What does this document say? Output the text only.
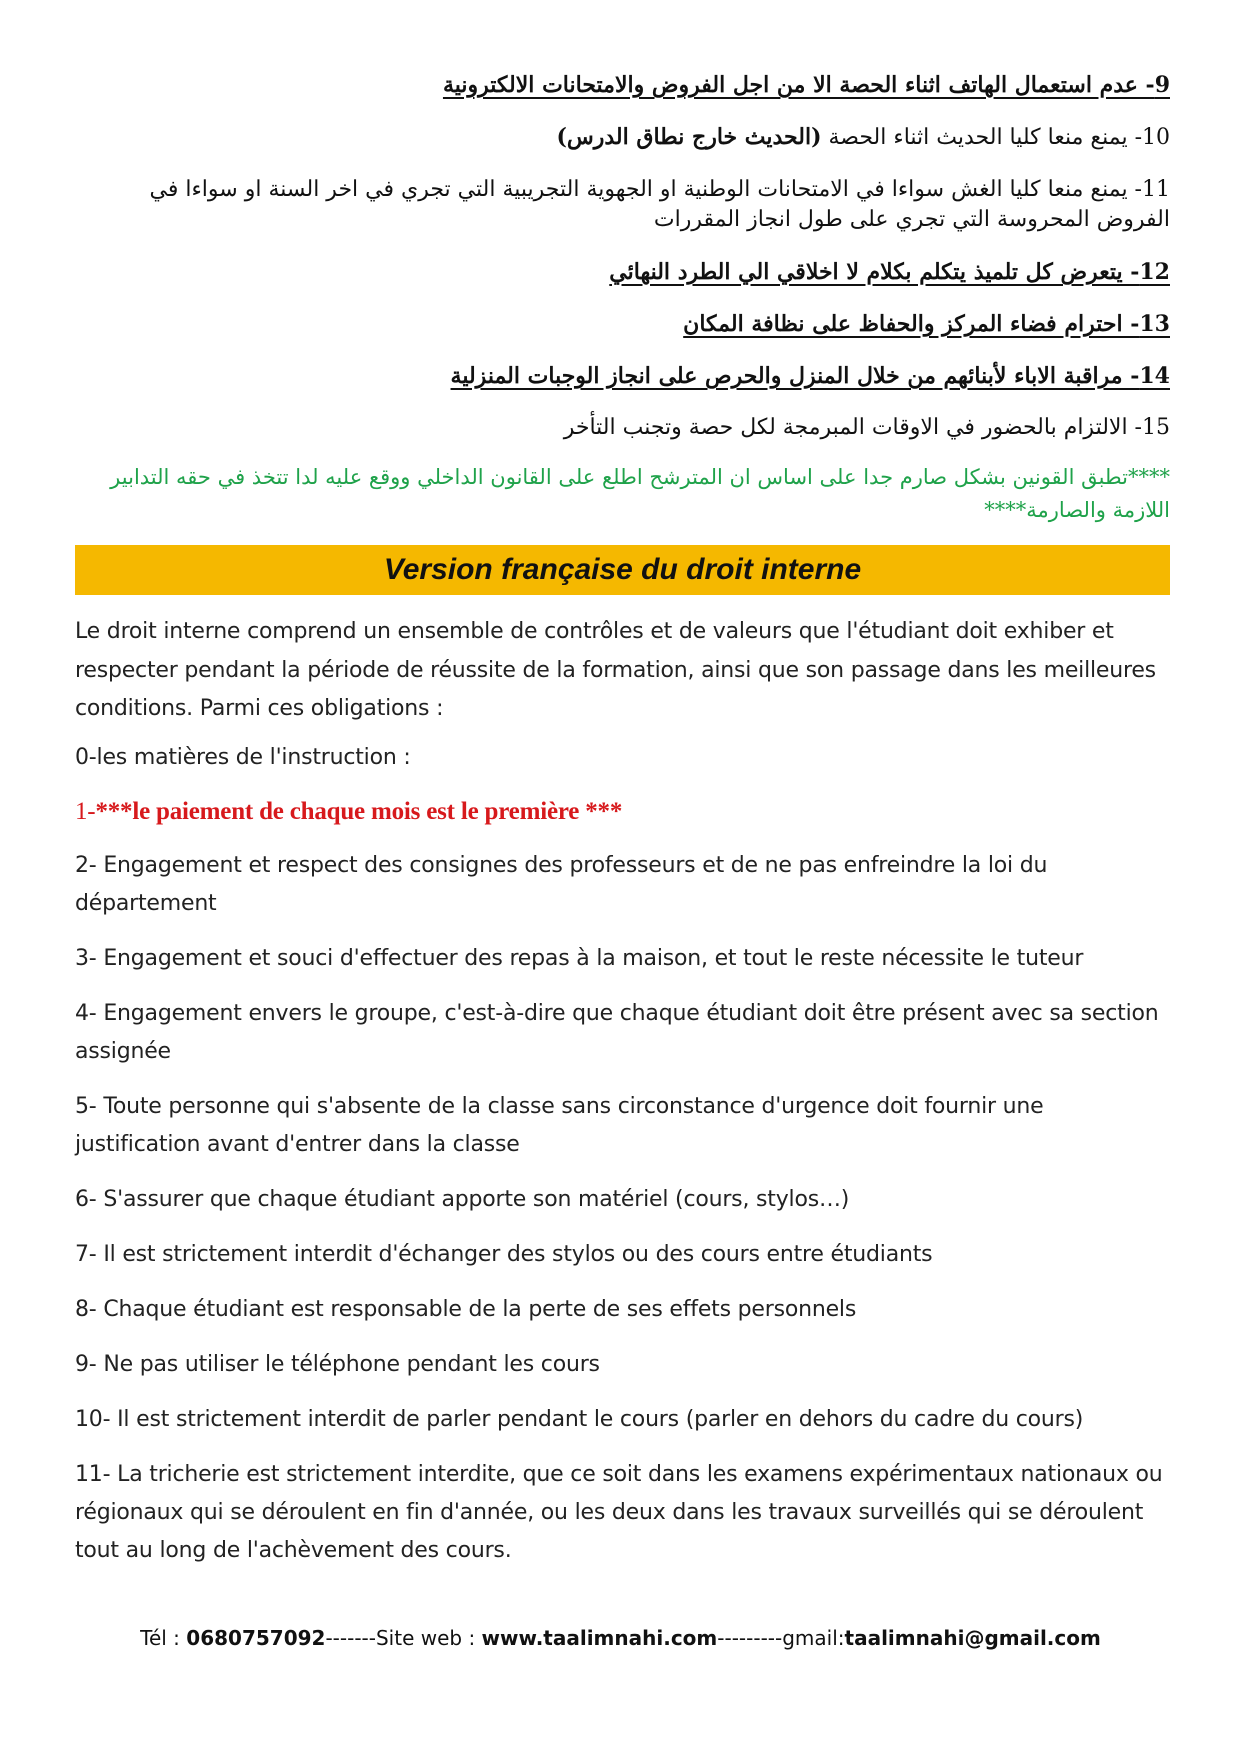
9- عدم استعمال الهاتف اثناء الحصة الا من اجل الفروض والامتحانات الالكترونية

10- يمنع منعا كليا الحديث اثناء الحصة (الحديث خارج نطاق الدرس)

11- يمنع منعا كليا الغش سواءا في الامتحانات الوطنية او الجهوية التجريبية التي تجري في اخر السنة او سواءا في الفروض المحروسة التي تجري على طول انجاز المقررات

12- يتعرض كل تلميذ يتكلم بكلام لا اخلاقي الي الطرد النهائي

13- احترام فضاء المركز والحفاظ على نظافة المكان

14- مراقبة الاباء لأبنائهم من خلال المنزل والحرص على انجاز الوجبات المنزلية

15- الالتزام بالحضور في الاوقات المبرمجة لكل حصة وتجنب التأخر

****تطبق القونين بشكل صارم جدا على اساس ان المترشح اطلع على القانون الداخلي ووقع عليه لدا تتخذ في حقه التدابير اللازمة والصارمة****

Version française du droit interne

Le droit interne comprend un ensemble de contrôles et de valeurs que l'étudiant doit exhiber et respecter pendant la période de réussite de la formation, ainsi que son passage dans les meilleures conditions. Parmi ces obligations :

0-les matières de l'instruction :

1-***le paiement de chaque mois est le première ***

2- Engagement et respect des consignes des professeurs et de ne pas enfreindre la loi du département

3- Engagement et souci d'effectuer des repas à la maison, et tout le reste nécessite le tuteur

4- Engagement envers le groupe, c'est-à-dire que chaque étudiant doit être présent avec sa section assignée

5- Toute personne qui s'absente de la classe sans circonstance d'urgence doit fournir une justification avant d'entrer dans la classe

6- S'assurer que chaque étudiant apporte son matériel (cours, stylos…)

7- Il est strictement interdit d'échanger des stylos ou des cours entre étudiants

8- Chaque étudiant est responsable de la perte de ses effets personnels

9- Ne pas utiliser le téléphone pendant les cours

10- Il est strictement interdit de parler pendant le cours (parler en dehors du cadre du cours)

11- La tricherie est strictement interdite, que ce soit dans les examens expérimentaux nationaux ou régionaux qui se déroulent en fin d'année, ou les deux dans les travaux surveillés qui se déroulent tout au long de l'achèvement des cours.

Tél : 0680757092-------Site web : www.taalimnahi.com---------gmail:taalimnahi@gmail.com
